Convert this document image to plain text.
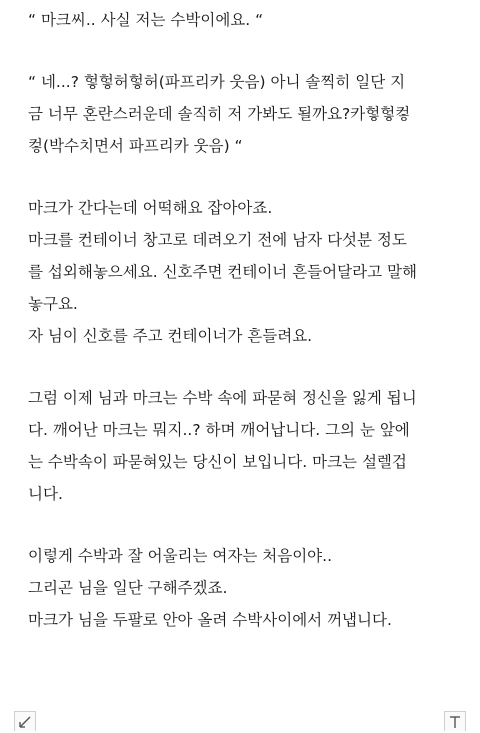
“ 마크씨.. 사실 저는 수박이에요. “
“ 네...? 헣헣허헣허(파프리카 웃음) 아니 솔찍히 일단 지
금 너무 혼란스러운데 솔직히 저 가봐도 될까요?카헣헣컿
컿(박수치면서 파프리카 웃음) “
마크가 간다는데 어떡해요 잡아아죠.
마크를 컨테이너 창고로 데려오기 전에 남자 다섯분 정도
를 섭외해놓으세요. 신호주면 컨테이너 흔들어달라고 말해
놓구요.
자 님이 신호를 주고 컨테이너가 흔들려요.
그럼 이제 님과 마크는 수박 속에 파묻혀 정신을 잃게 됩니
다. 깨어난 마크는 뭐지..? 하며 깨어납니다. 그의 눈 앞에
는 수박속이 파묻혀있는 당신이 보입니다. 마크는 설렐겁
니다.
이렇게 수박과 잘 어울리는 여자는 처음이야..
그리곤 님을 일단 구해주겠죠.
마크가 님을 두팔로 안아 올려 수박사이에서 꺼냅니다.
